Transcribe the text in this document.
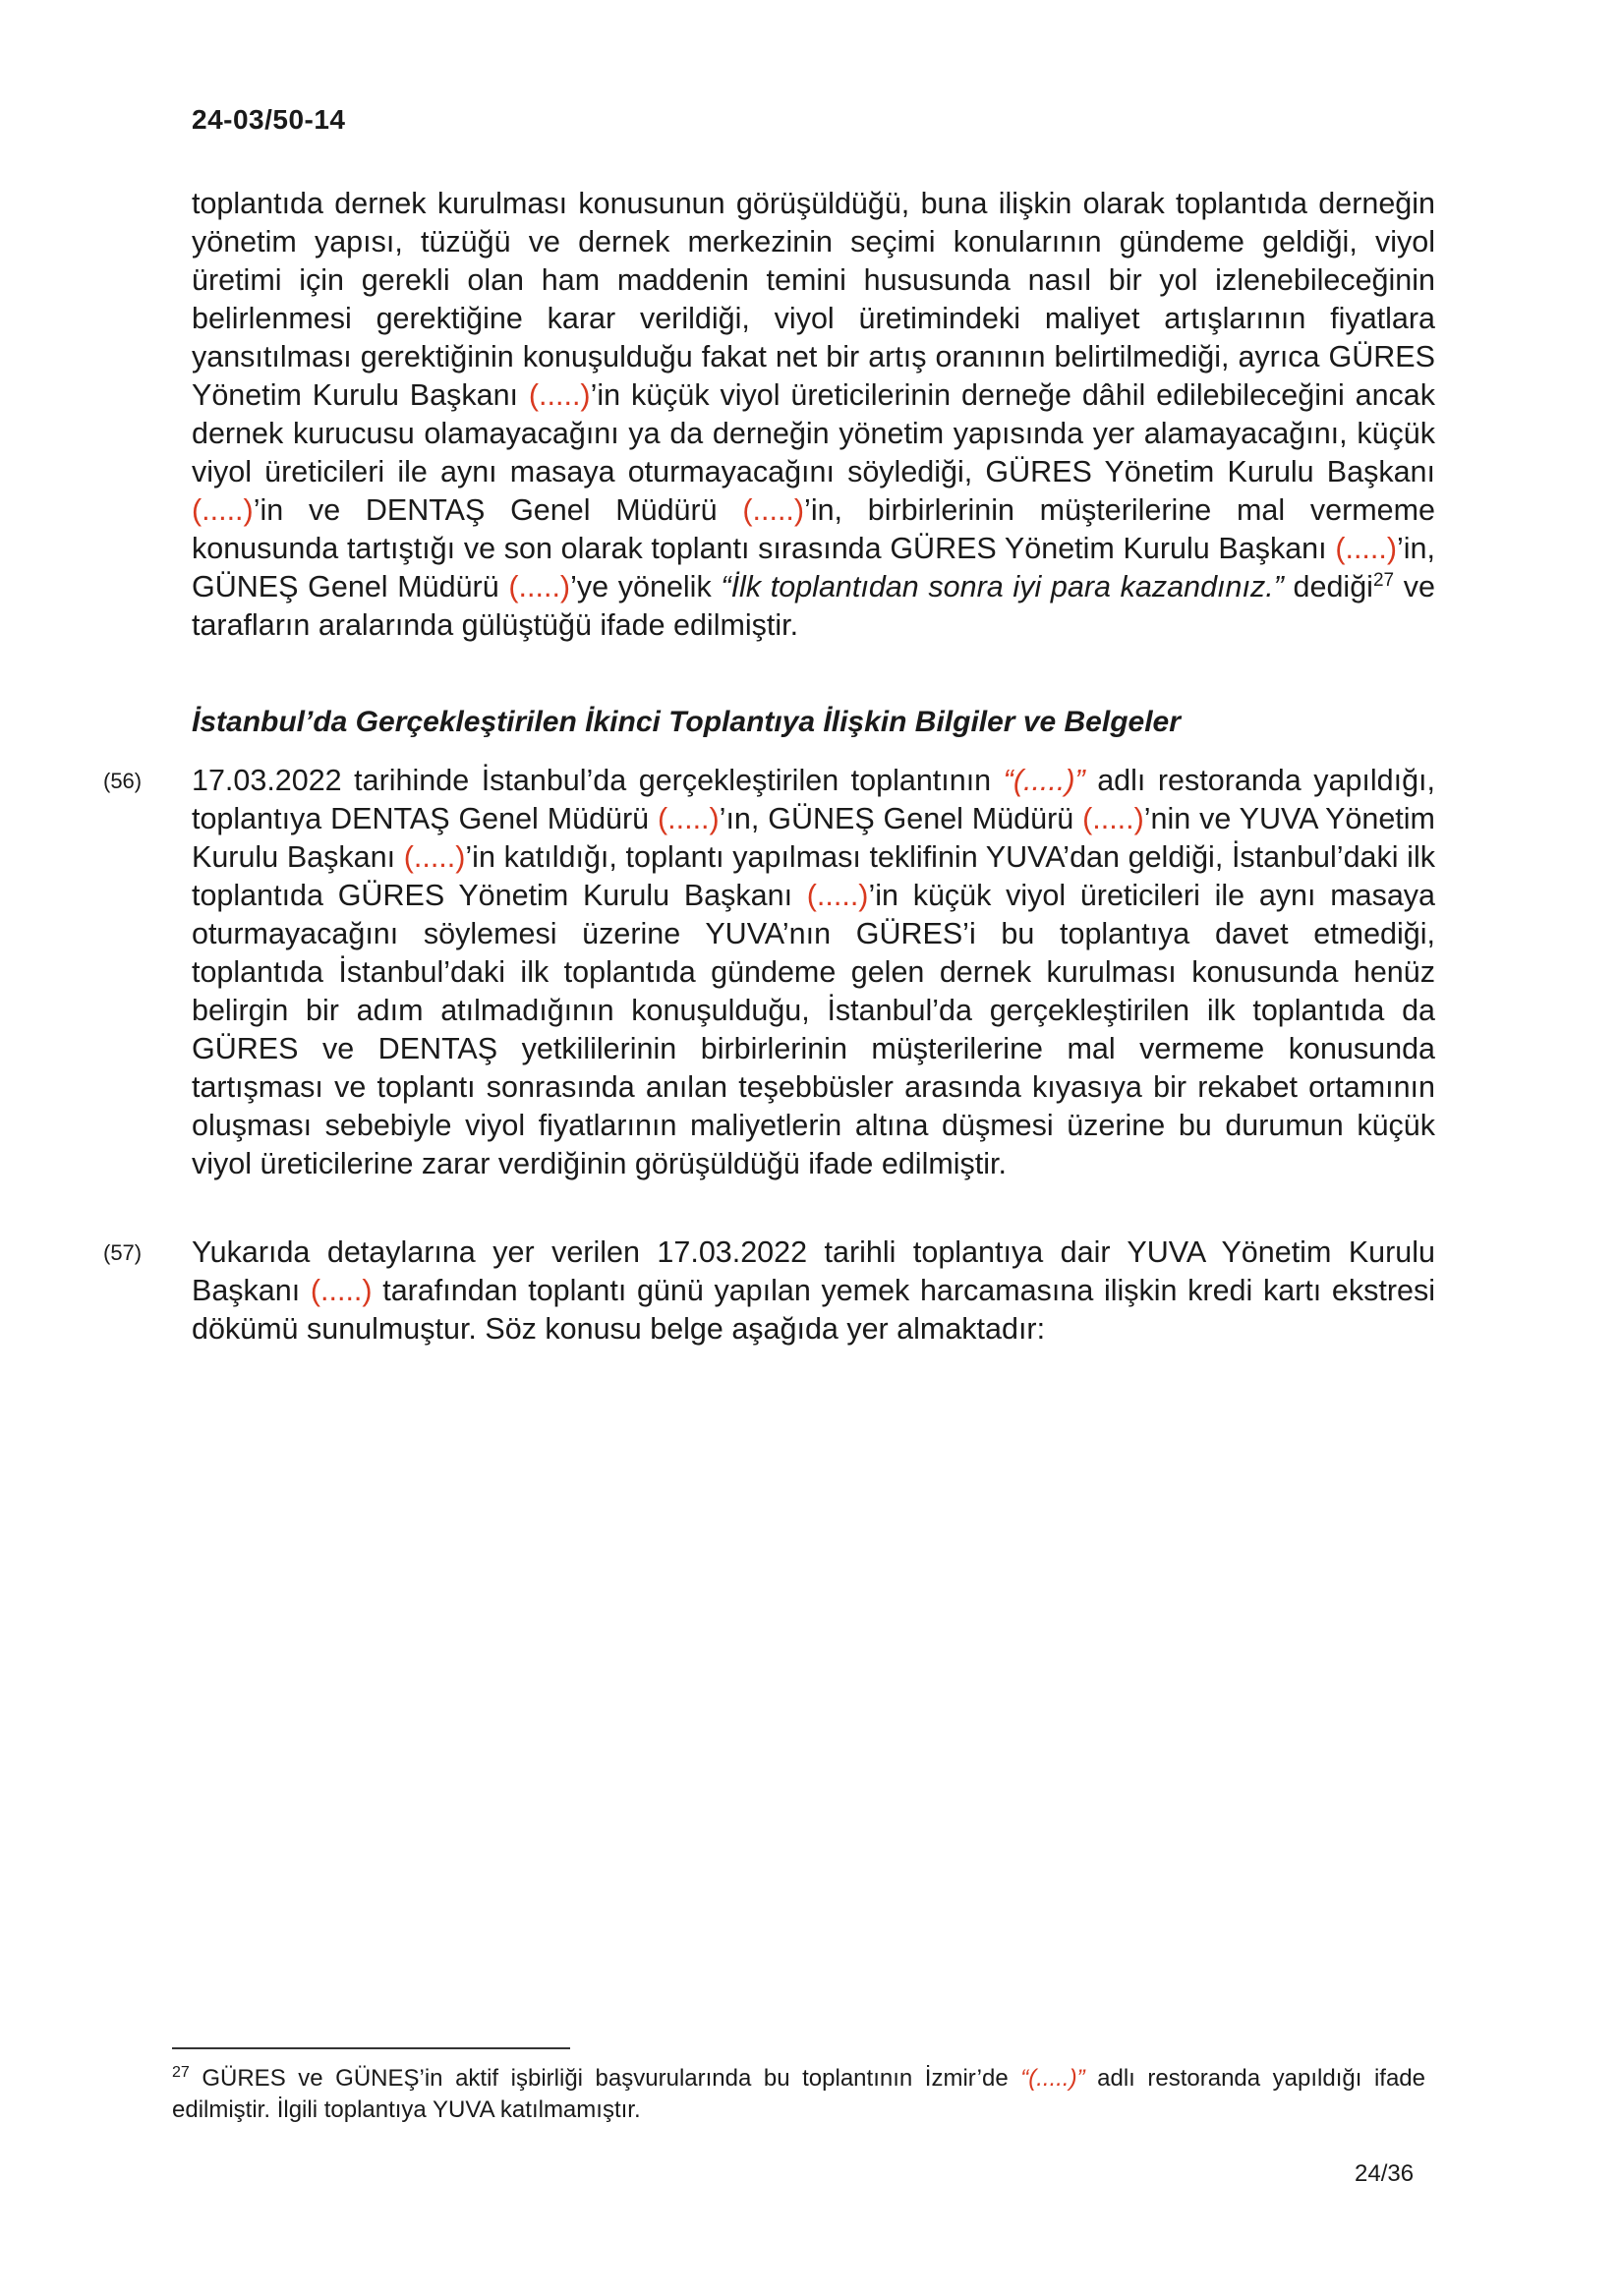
24-03/50-14

toplantıda dernek kurulması konusunun görüşüldüğü, buna ilişkin olarak toplantıda derneğin yönetim yapısı, tüzüğü ve dernek merkezinin seçimi konularının gündeme geldiği, viyol üretimi için gerekli olan ham maddenin temini hususunda nasıl bir yol izlenebileceğinin belirlenmesi gerektiğine karar verildiği, viyol üretimindeki maliyet artışlarının fiyatlara yansıtılması gerektiğinin konuşulduğu fakat net bir artış oranının belirtilmediği, ayrıca GÜRES Yönetim Kurulu Başkanı (.....)’in küçük viyol üreticilerinin derneğe dâhil edilebileceğini ancak dernek kurucusu olamayacağını ya da derneğin yönetim yapısında yer alamayacağını, küçük viyol üreticileri ile aynı masaya oturmayacağını söylediği, GÜRES Yönetim Kurulu Başkanı (.....)’in ve DENTAŞ Genel Müdürü (.....)’in, birbirlerinin müşterilerine mal vermeme konusunda tartıştığı ve son olarak toplantı sırasında GÜRES Yönetim Kurulu Başkanı (.....)’in, GÜNEŞ Genel Müdürü (.....)’ye yönelik “İlk toplantıdan sonra iyi para kazandınız.” dediği$^{27}$ ve tarafların aralarında gülüştüğü ifade edilmiştir.

İstanbul’da Gerçekleştirilen İkinci Toplantıya İlişkin Bilgiler ve Belgeler
(56) 17.03.2022 tarihinde İstanbul’da gerçekleştirilen toplantının “(.....)” adlı restoranda yapıldığı, toplantıya DENTAŞ Genel Müdürü (.....)’ın, GÜNEŞ Genel Müdürü (.....)’nin ve YUVA Yönetim Kurulu Başkanı (.....)’in katıldığı, toplantı yapılması teklifinin YUVA’dan geldiği, İstanbul’daki ilk toplantıda GÜRES Yönetim Kurulu Başkanı (.....)’in küçük viyol üreticileri ile aynı masaya oturmayacağını söylemesi üzerine YUVA’nın GÜRES’i bu toplantıya davet etmediği, toplantıda İstanbul’daki ilk toplantıda gündeme gelen dernek kurulması konusunda henüz belirgin bir adım atılmadığının konuşulduğu, İstanbul’da gerçekleştirilen ilk toplantıda da GÜRES ve DENTAŞ yetkililerinin birbirlerinin müşterilerine mal vermeme konusunda tartışması ve toplantı sonrasında anılan teşebbüsler arasında kıyasıya bir rekabet ortamının oluşması sebebiyle viyol fiyatlarının maliyetlerin altına düşmesi üzerine bu durumun küçük viyol üreticilerine zarar verdiğinin görüşüldüğü ifade edilmiştir.

(57) Yukarıda detaylarına yer verilen 17.03.2022 tarihli toplantıya dair YUVA Yönetim Kurulu Başkanı (.....) tarafından toplantı günü yapılan yemek harcamasına ilişkin kredi kartı ekstresi dökümü sunulmuştur. Söz konusu belge aşağıda yer almaktadır:

$^{27}$ GÜRES ve GÜNEŞ’in aktif işbirliği başvurularında bu toplantının İzmir’de “(.....)” adlı restoranda yapıldığı ifade edilmiştir. İlgili toplantıya YUVA katılmamıştır.

24/36
